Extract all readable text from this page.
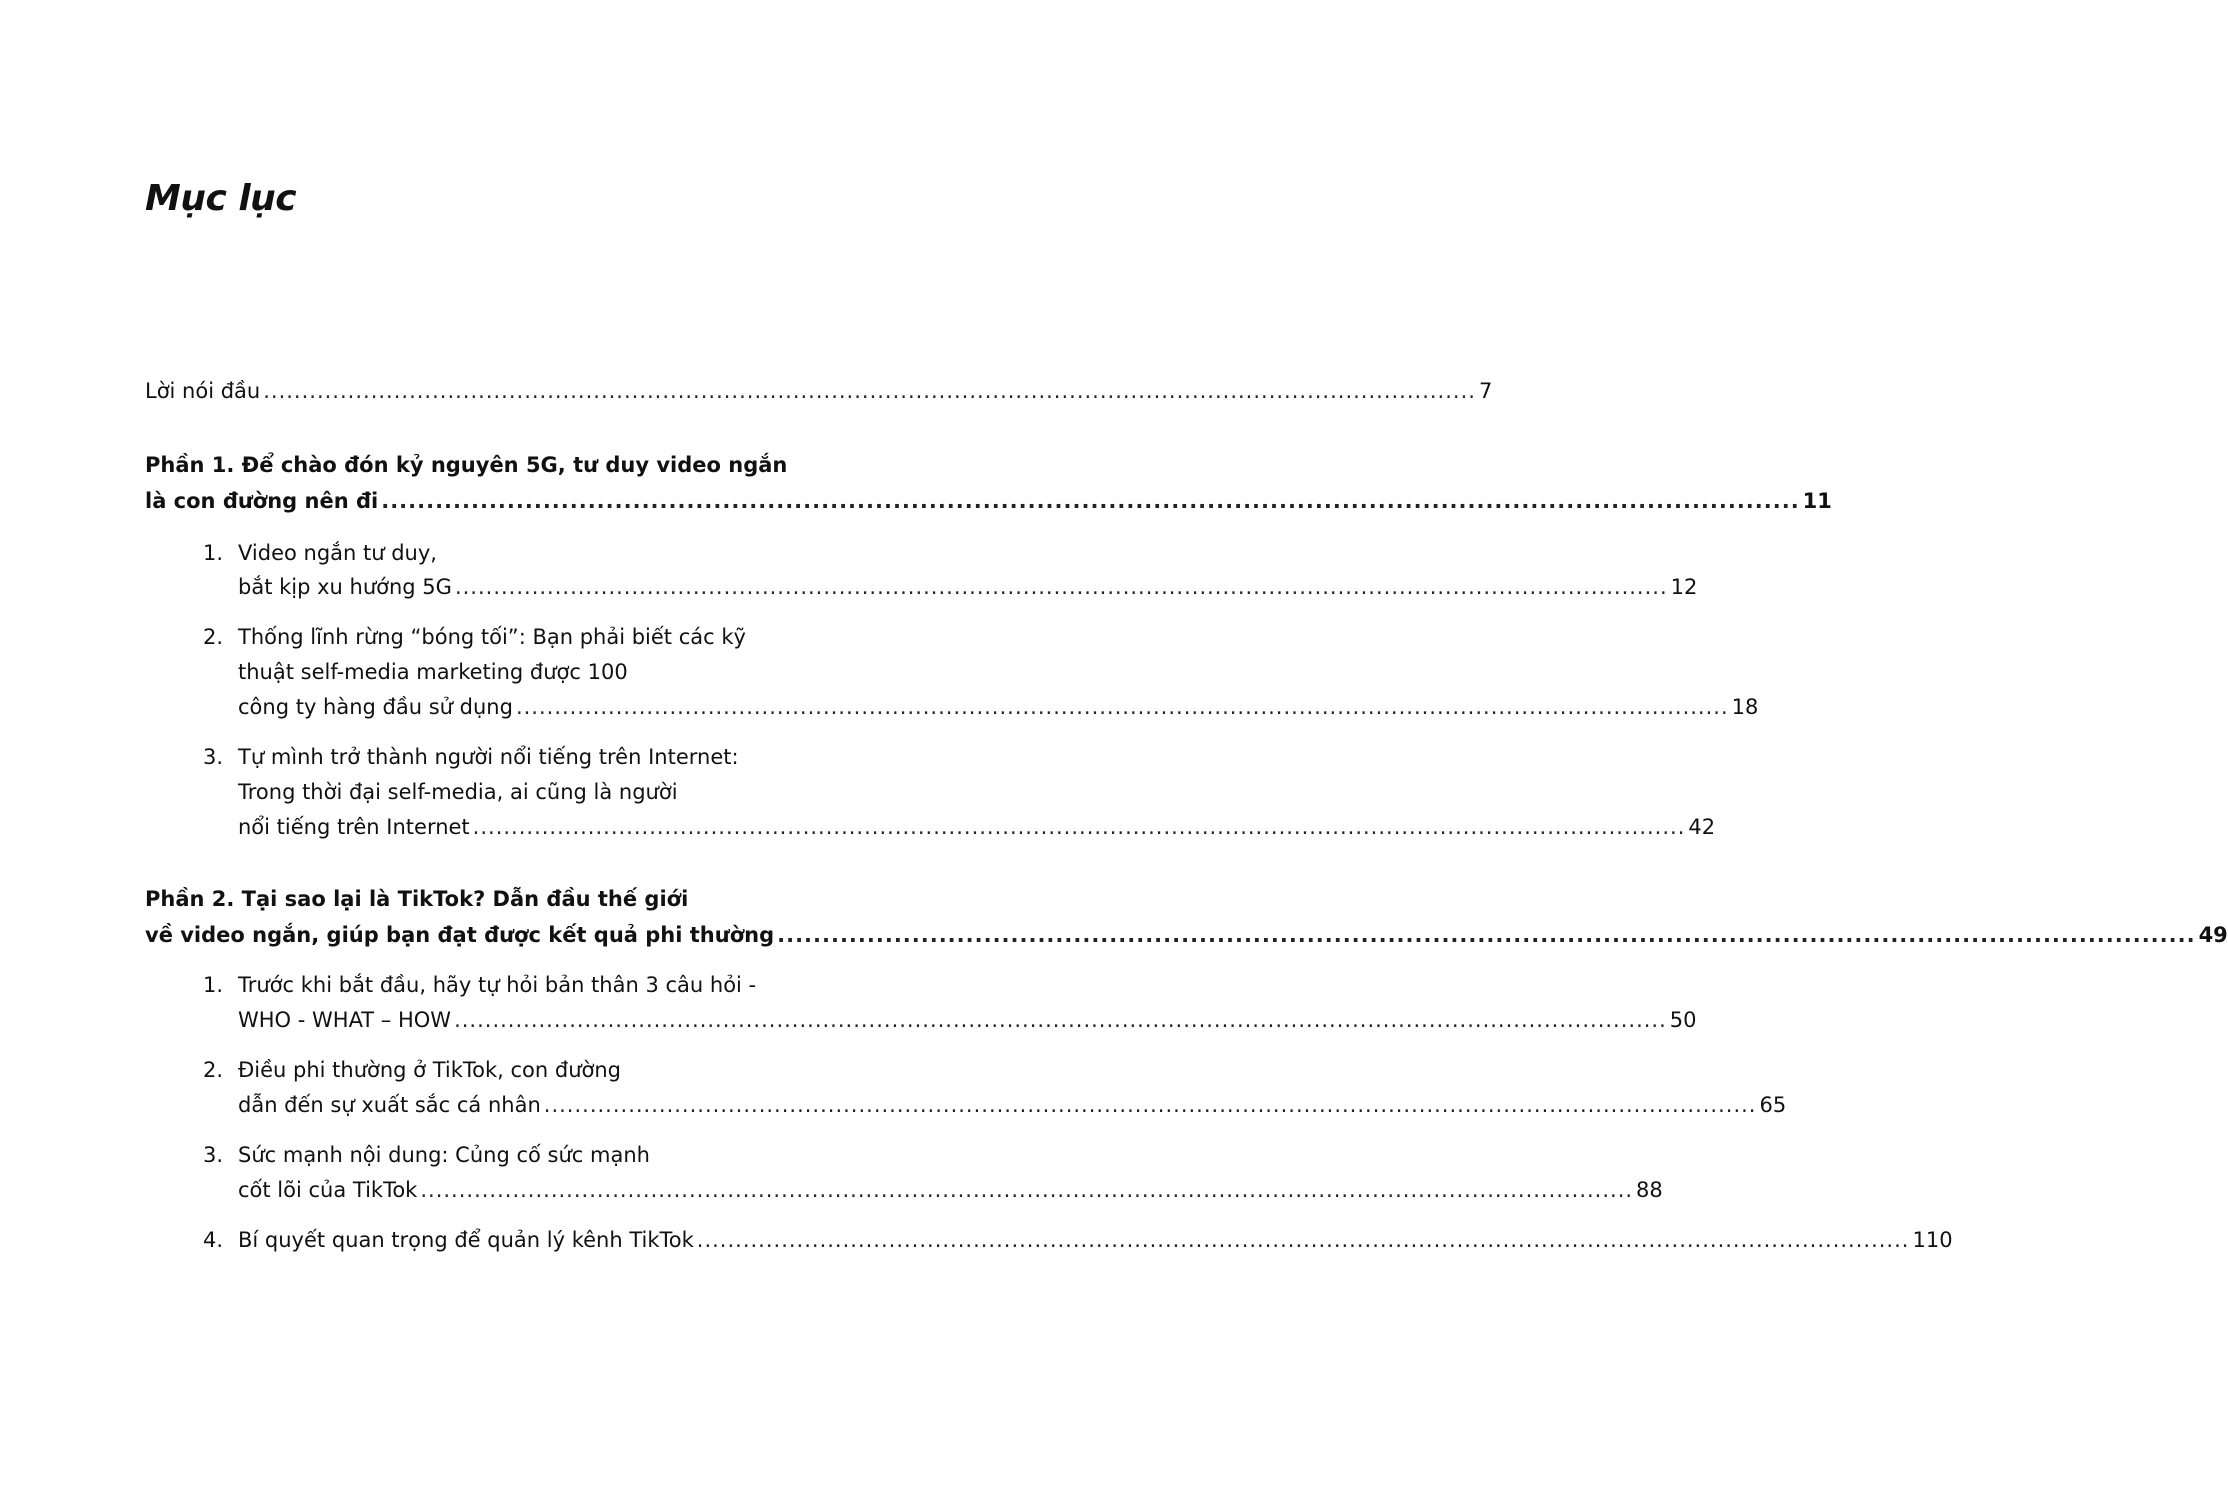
Mục lục
Lời nói đầu .............................................................................................................................................................. 7
Phần 1. Để chào đón kỷ nguyên 5G, tư duy video ngắn
là con đường nên đi .............................................................................................................................................................. 11
1. Video ngắn tư duy,
bắt kịp xu hướng 5G .............................................................................................................................................................. 12
2. Thống lĩnh rừng “bóng tối”: Bạn phải biết các kỹ
thuật self-media marketing được 100
công ty hàng đầu sử dụng .............................................................................................................................................................. 18
3. Tự mình trở thành người nổi tiếng trên Internet:
Trong thời đại self-media, ai cũng là người
nổi tiếng trên Internet .............................................................................................................................................................. 42
Phần 2. Tại sao lại là TikTok? Dẫn đầu thế giới
về video ngắn, giúp bạn đạt được kết quả phi thường .............................................................................................................................................................. 49
1. Trước khi bắt đầu, hãy tự hỏi bản thân 3 câu hỏi -
WHO - WHAT – HOW .............................................................................................................................................................. 50
2. Điều phi thường ở TikTok, con đường
dẫn đến sự xuất sắc cá nhân .............................................................................................................................................................. 65
3. Sức mạnh nội dung: Củng cố sức mạnh
cốt lõi của TikTok .............................................................................................................................................................. 88
4. Bí quyết quan trọng để quản lý kênh TikTok .............................................................................................................................................................. 110
